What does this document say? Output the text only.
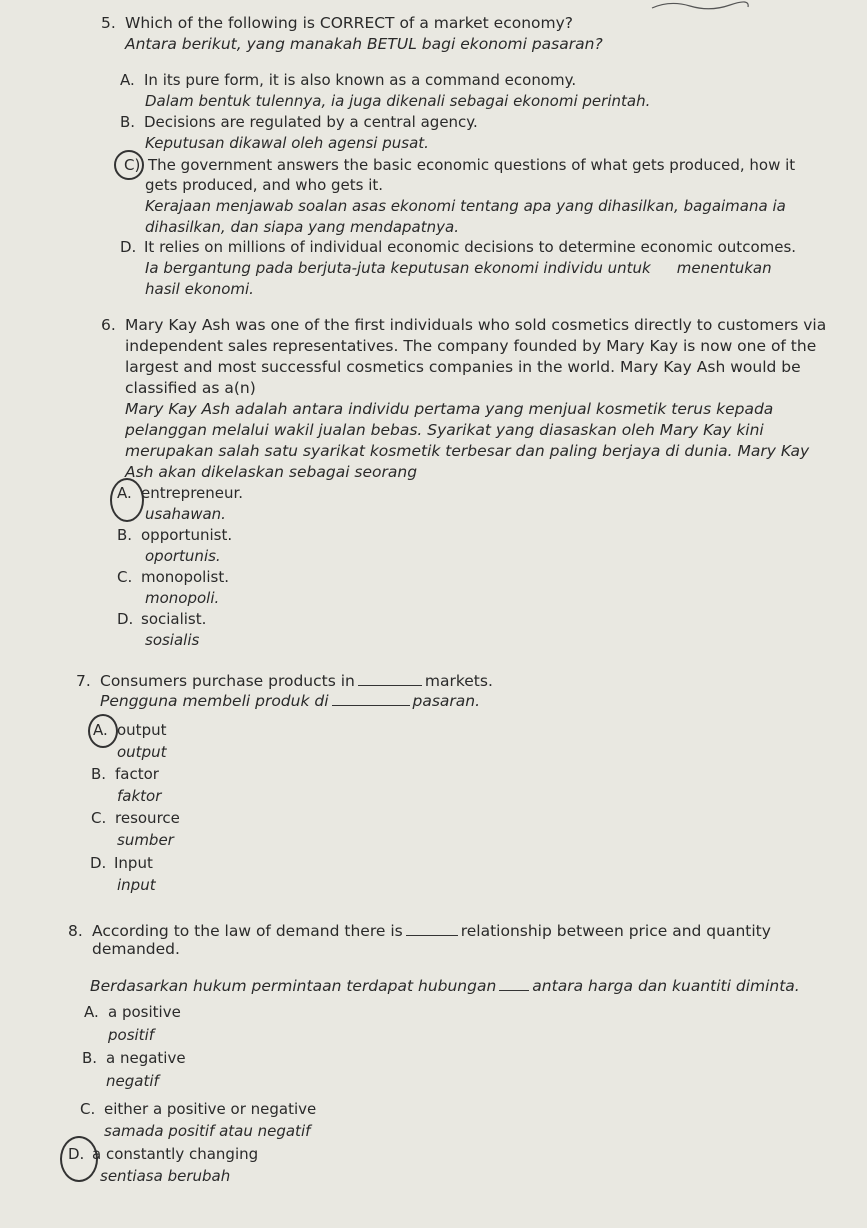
5. Which of the following is CORRECT of a market economy?
Antara berikut, yang manakah BETUL bagi ekonomi pasaran?
A. In its pure form, it is also known as a command economy.
Dalam bentuk tulennya, ia juga dikenali sebagai ekonomi perintah.
B. Decisions are regulated by a central agency.
Keputusan dikawal oleh agensi pusat.
C) The government answers the basic economic questions of what gets produced, how it
gets produced, and who gets it.
Kerajaan menjawab soalan asas ekonomi tentang apa yang dihasilkan, bagaimana ia
dihasilkan, dan siapa yang mendapatnya.
D. It relies on millions of individual economic decisions to determine economic outcomes.
Ia bergantung pada berjuta-juta keputusan ekonomi individu untuk menentukan
hasil ekonomi.
6. Mary Kay Ash was one of the first individuals who sold cosmetics directly to customers via
independent sales representatives. The company founded by Mary Kay is now one of the
largest and most successful cosmetics companies in the world. Mary Kay Ash would be
classified as a(n)
Mary Kay Ash adalah antara individu pertama yang menjual kosmetik terus kepada
pelanggan melalui wakil jualan bebas. Syarikat yang diasaskan oleh Mary Kay kini
merupakan salah satu syarikat kosmetik terbesar dan paling berjaya di dunia. Mary Kay
Ash akan dikelaskan sebagai seorang
A. entrepreneur.
usahawan.
B. opportunist.
oportunis.
C. monopolist.
monopoli.
D. socialist.
sosialis
7. Consumers purchase products in	markets.
Pengguna membeli produk di	pasaran.
A. output
output
B. factor
faktor
C. resource
sumber
D. Input
input
8. According to the law of demand there is	relationship between price and quantity
demanded.
Berdasarkan hukum permintaan terdapat hubungan antara harga dan kuantiti diminta.
A. a positive
positif
B. a negative
negatif
C. either a positive or negative
samada positif atau negatif
D. a constantly changing
sentiasa berubah
